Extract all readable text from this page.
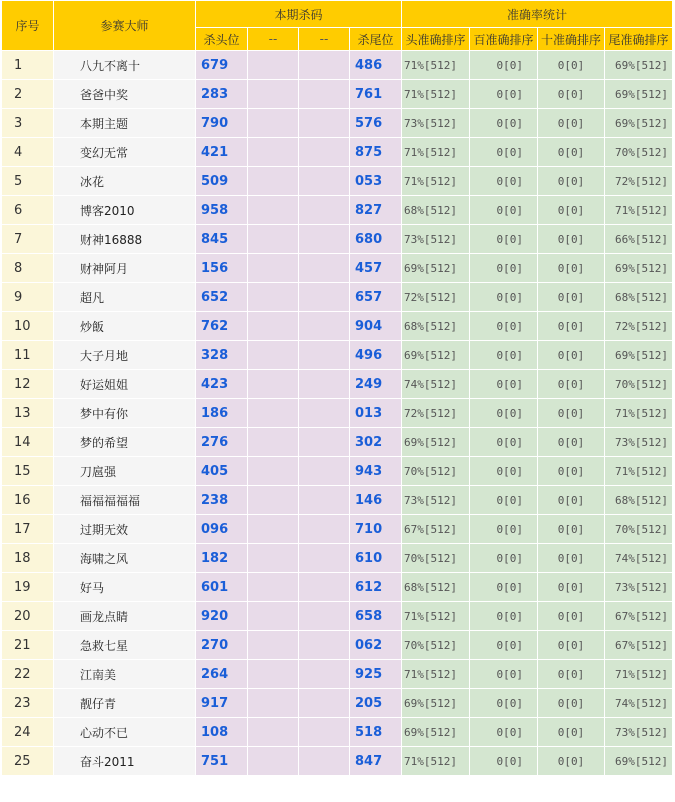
序号	参赛大师	本期杀码				准确率统计			
		杀头位	--	--	杀尾位	头准确排序	百准确排序	十准确排序	尾准确排序
1	八九不离十	679			486	71%[512]	0[0]	0[0]	69%[512]
2	爸爸中奖	283			761	71%[512]	0[0]	0[0]	69%[512]
3	本期主题	790			576	73%[512]	0[0]	0[0]	69%[512]
4	变幻无常	421			875	71%[512]	0[0]	0[0]	70%[512]
5	冰花	509			053	71%[512]	0[0]	0[0]	72%[512]
6	博客2010	958			827	68%[512]	0[0]	0[0]	71%[512]
7	财神16888	845			680	73%[512]	0[0]	0[0]	66%[512]
8	财神阿月	156			457	69%[512]	0[0]	0[0]	69%[512]
9	超凡	652			657	72%[512]	0[0]	0[0]	68%[512]
10	炒飯	762			904	68%[512]	0[0]	0[0]	72%[512]
11	大子月地	328			496	69%[512]	0[0]	0[0]	69%[512]
12	好运姐姐	423			249	74%[512]	0[0]	0[0]	70%[512]
13	梦中有你	186			013	72%[512]	0[0]	0[0]	71%[512]
14	梦的希望	276			302	69%[512]	0[0]	0[0]	73%[512]
15	刀扈强	405			943	70%[512]	0[0]	0[0]	71%[512]
16	福福福福福	238			146	73%[512]	0[0]	0[0]	68%[512]
17	过期无效	096			710	67%[512]	0[0]	0[0]	70%[512]
18	海啸之风	182			610	70%[512]	0[0]	0[0]	74%[512]
19	好马	601			612	68%[512]	0[0]	0[0]	73%[512]
20	画龙点睛	920			658	71%[512]	0[0]	0[0]	67%[512]
21	急救七星	270			062	70%[512]	0[0]	0[0]	67%[512]
22	江南美	264			925	71%[512]	0[0]	0[0]	71%[512]
23	靓仔青	917			205	69%[512]	0[0]	0[0]	74%[512]
24	心动不已	108			518	69%[512]	0[0]	0[0]	73%[512]
25	奋斗2011	751			847	71%[512]	0[0]	0[0]	69%[512]
